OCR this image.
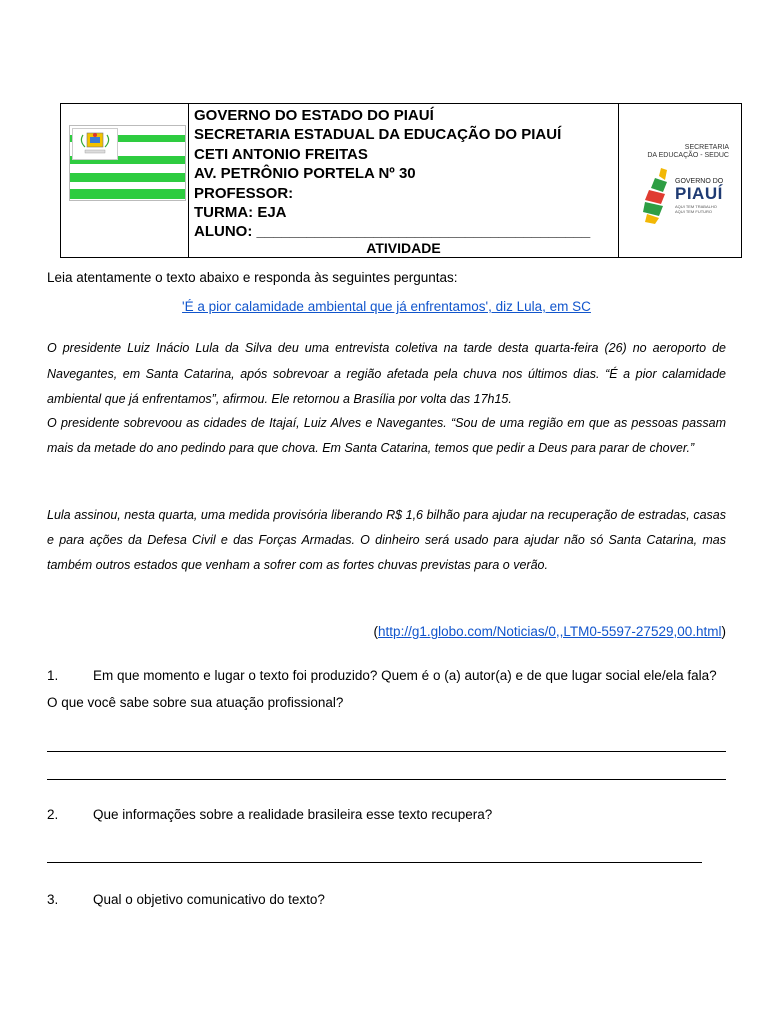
GOVERNO DO ESTADO DO PIAUÍ
SECRETARIA ESTADUAL DA EDUCAÇÃO DO PIAUÍ
CETI ANTONIO FREITAS
AV. PETRÔNIO PORTELA Nº 30
PROFESSOR:
TURMA: EJA
ALUNO: ________________________________________
ATIVIDADE
SECRETARIA
DA EDUCAÇÃO - SEDUC
GOVERNO DO
PIAUÍ
AQUI TEM TRABALHO
AQUI TEM FUTURO
Leia atentamente o texto abaixo e responda às seguintes perguntas:
'É a pior calamidade ambiental que já enfrentamos', diz Lula, em SC
O presidente Luiz Inácio Lula da Silva deu uma entrevista coletiva na tarde desta quarta-feira (26) no aeroporto de Navegantes, em Santa Catarina, após sobrevoar a região afetada pela chuva nos últimos dias. “É a pior calamidade ambiental que já enfrentamos”, afirmou. Ele retornou a Brasília por volta das 17h15.
O presidente sobrevoou as cidades de Itajaí, Luiz Alves e Navegantes. “Sou de uma região em que as pessoas passam mais da metade do ano pedindo para que chova. Em Santa Catarina, temos que pedir a Deus para parar de chover.”
Lula assinou, nesta quarta, uma medida provisória liberando R$ 1,6 bilhão para ajudar na recuperação de estradas, casas e para ações da Defesa Civil e das Forças Armadas. O dinheiro será usado para ajudar não só Santa Catarina, mas também outros estados que venham a sofrer com as fortes chuvas previstas para o verão.
(http://g1.globo.com/Noticias/0,,LTM0-5597-27529,00.html)
1.	Em que momento e lugar o texto foi produzido? Quem é o (a) autor(a) e de que lugar social ele/ela fala? O que você sabe sobre sua atuação profissional?
2.	Que informações sobre a realidade brasileira esse texto recupera?
3.	Qual o objetivo comunicativo do texto?
